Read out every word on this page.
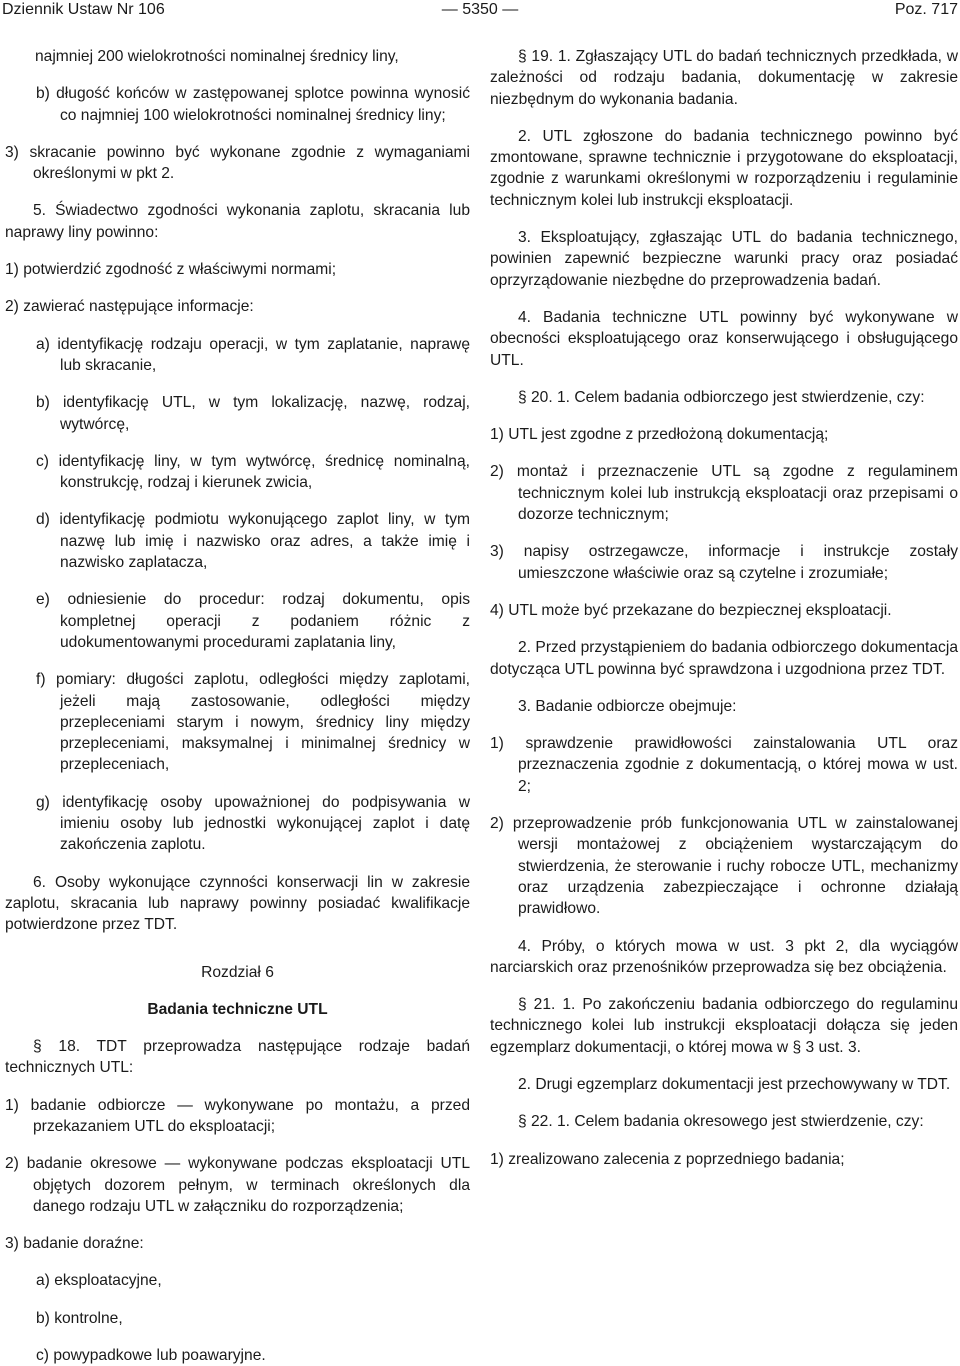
Dziennik Ustaw Nr 106	— 5350 —	Poz. 717

najmniej 200 wielokrotności nominalnej średnicy liny,

b) długość końców w zastępowanej splotce powinna wynosić co najmniej 100 wielokrotności nominalnej średnicy liny;

3) skracanie powinno być wykonane zgodnie z wymaganiami określonymi w pkt 2.

5. Świadectwo zgodności wykonania zaplotu, skracania lub naprawy liny powinno:

1) potwierdzić zgodność z właściwymi normami;

2) zawierać następujące informacje:

a) identyfikację rodzaju operacji, w tym zaplatanie, naprawę lub skracanie,

b) identyfikację UTL, w tym lokalizację, nazwę, rodzaj, wytwórcę,

c) identyfikację liny, w tym wytwórcę, średnicę nominalną, konstrukcję, rodzaj i kierunek zwicia,

d) identyfikację podmiotu wykonującego zaplot liny, w tym nazwę lub imię i nazwisko oraz adres, a także imię i nazwisko zaplatacza,

e) odniesienie do procedur: rodzaj dokumentu, opis kompletnej operacji z podaniem różnic z udokumentowanymi procedurami zaplatania liny,

f) pomiary: długości zaplotu, odległości między zaplotami, jeżeli mają zastosowanie, odległości między przepleceniami starym i nowym, średnicy liny między przepleceniami, maksymalnej i minimalnej średnicy w przepleceniach,

g) identyfikację osoby upoważnionej do podpisywania w imieniu osoby lub jednostki wykonującej zaplot i datę zakończenia zaplotu.

6. Osoby wykonujące czynności konserwacji lin w zakresie zaplotu, skracania lub naprawy powinny posiadać kwalifikacje potwierdzone przez TDT.

Rozdział 6

Badania techniczne UTL

§ 18. TDT przeprowadza następujące rodzaje badań technicznych UTL:

1) badanie odbiorcze — wykonywane po montażu, a przed przekazaniem UTL do eksploatacji;

2) badanie okresowe — wykonywane podczas eksploatacji UTL objętych dozorem pełnym, w terminach określonych dla danego rodzaju UTL w załączniku do rozporządzenia;

3) badanie doraźne:

a) eksploatacyjne,

b) kontrolne,

c) powypadkowe lub poawaryjne.

§ 19. 1. Zgłaszający UTL do badań technicznych przedkłada, w zależności od rodzaju badania, dokumentację w zakresie niezbędnym do wykonania badania.

2. UTL zgłoszone do badania technicznego powinno być zmontowane, sprawne technicznie i przygotowane do eksploatacji, zgodnie z warunkami określonymi w rozporządzeniu i regulaminie technicznym kolei lub instrukcji eksploatacji.

3. Eksploatujący, zgłaszając UTL do badania technicznego, powinien zapewnić bezpieczne warunki pracy oraz posiadać oprzyrządowanie niezbędne do przeprowadzenia badań.

4. Badania techniczne UTL powinny być wykonywane w obecności eksploatującego oraz konserwującego i obsługującego UTL.

§ 20. 1. Celem badania odbiorczego jest stwierdzenie, czy:

1) UTL jest zgodne z przedłożoną dokumentacją;

2) montaż i przeznaczenie UTL są zgodne z regulaminem technicznym kolei lub instrukcją eksploatacji oraz przepisami o dozorze technicznym;

3) napisy ostrzegawcze, informacje i instrukcje zostały umieszczone właściwie oraz są czytelne i zrozumiałe;

4) UTL może być przekazane do bezpiecznej eksploatacji.

2. Przed przystąpieniem do badania odbiorczego dokumentacja dotycząca UTL powinna być sprawdzona i uzgodniona przez TDT.

3. Badanie odbiorcze obejmuje:

1) sprawdzenie prawidłowości zainstalowania UTL oraz przeznaczenia zgodnie z dokumentacją, o której mowa w ust. 2;

2) przeprowadzenie prób funkcjonowania UTL w zainstalowanej wersji montażowej z obciążeniem wystarczającym do stwierdzenia, że sterowanie i ruchy robocze UTL, mechanizmy oraz urządzenia zabezpieczające i ochronne działają prawidłowo.

4. Próby, o których mowa w ust. 3 pkt 2, dla wyciągów narciarskich oraz przenośników przeprowadza się bez obciążenia.

§ 21. 1. Po zakończeniu badania odbiorczego do regulaminu technicznego kolei lub instrukcji eksploatacji dołącza się jeden egzemplarz dokumentacji, o której mowa w § 3 ust. 3.

2. Drugi egzemplarz dokumentacji jest przechowywany w TDT.

§ 22. 1. Celem badania okresowego jest stwierdzenie, czy:

1) zrealizowano zalecenia z poprzedniego badania;
